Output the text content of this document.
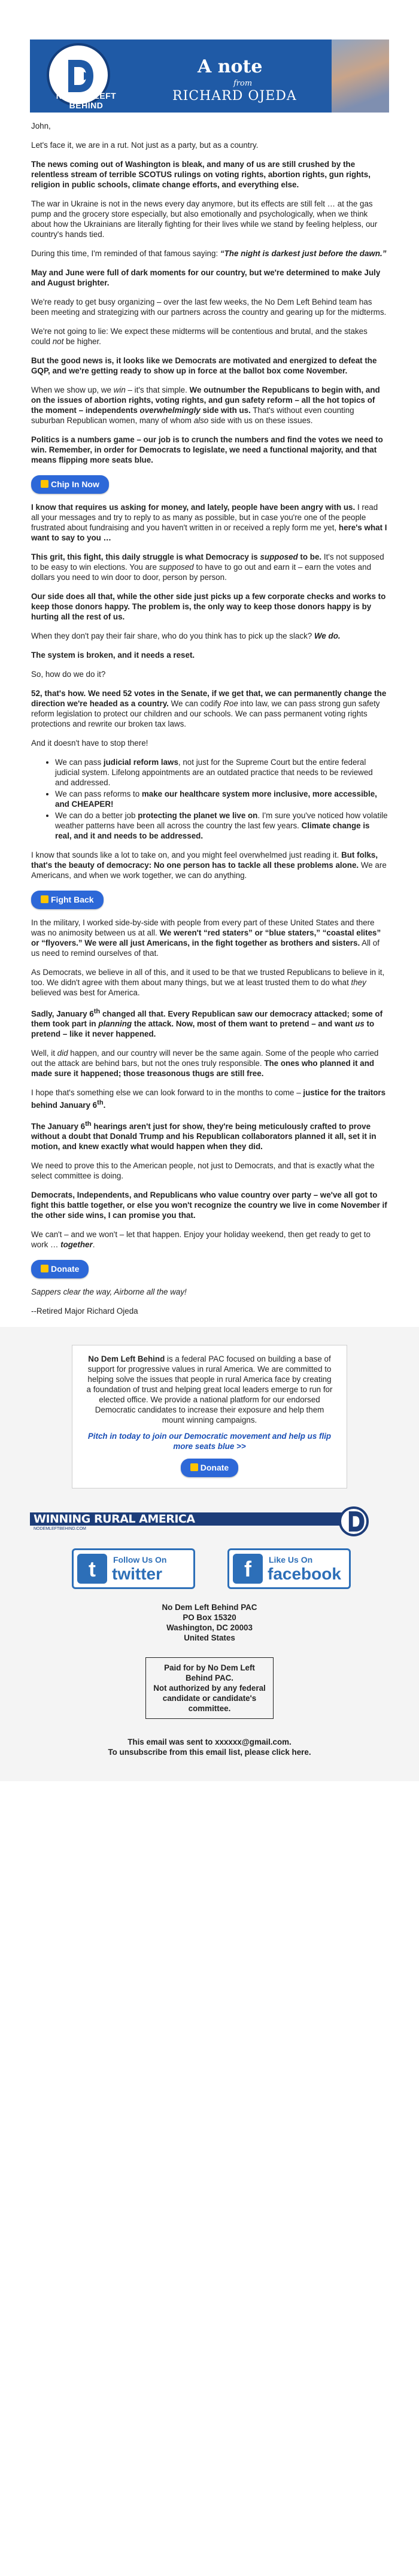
NO DEM LEFT BEHIND
A note
from
RICHARD OJEDA

John,

Let's face it, we are in a rut. Not just as a party, but as a country.

The news coming out of Washington is bleak, and many of us are still crushed by the relentless stream of terrible SCOTUS rulings on voting rights, abortion rights, gun rights, religion in public schools, climate change efforts, and everything else.

The war in Ukraine is not in the news every day anymore, but its effects are still felt … at the gas pump and the grocery store especially, but also emotionally and psychologically, when we think about how the Ukrainians are literally fighting for their lives while we stand by feeling helpless, our country's hands tied.

During this time, I'm reminded of that famous saying: “The night is darkest just before the dawn.”

May and June were full of dark moments for our country, but we're determined to make July and August brighter.

We're ready to get busy organizing – over the last few weeks, the No Dem Left Behind team has been meeting and strategizing with our partners across the country and gearing up for the midterms.

We're not going to lie: We expect these midterms will be contentious and brutal, and the stakes could not be higher.

But the good news is, it looks like we Democrats are motivated and energized to defeat the GQP, and we're getting ready to show up in force at the ballot box come November.

When we show up, we win – it's that simple. We outnumber the Republicans to begin with, and on the issues of abortion rights, voting rights, and gun safety reform – all the hot topics of the moment – independents overwhelmingly side with us. That's without even counting suburban Republican women, many of whom also side with us on these issues.

Politics is a numbers game – our job is to crunch the numbers and find the votes we need to win. Remember, in order for Democrats to legislate, we need a functional majority, and that means flipping more seats blue.

Chip In Now

I know that requires us asking for money, and lately, people have been angry with us. I read all your messages and try to reply to as many as possible, but in case you're one of the people frustrated about fundraising and you haven't written in or received a reply form me yet, here's what I want to say to you …

This grit, this fight, this daily struggle is what Democracy is supposed to be. It's not supposed to be easy to win elections. You are supposed to have to go out and earn it – earn the votes and dollars you need to win door to door, person by person.

Our side does all that, while the other side just picks up a few corporate checks and works to keep those donors happy. The problem is, the only way to keep those donors happy is by hurting all the rest of us.

When they don't pay their fair share, who do you think has to pick up the slack? We do.

The system is broken, and it needs a reset.

So, how do we do it?

52, that's how. We need 52 votes in the Senate, if we get that, we can permanently change the direction we're headed as a country. We can codify Roe into law, we can pass strong gun safety reform legislation to protect our children and our schools. We can pass permanent voting rights protections and rewrite our broken tax laws.

And it doesn't have to stop there!

• We can pass judicial reform laws, not just for the Supreme Court but the entire federal judicial system. Lifelong appointments are an outdated practice that needs to be reviewed and addressed.
• We can pass reforms to make our healthcare system more inclusive, more accessible, and CHEAPER!
• We can do a better job protecting the planet we live on. I'm sure you've noticed how volatile weather patterns have been all across the country the last few years. Climate change is real, and it and needs to be addressed.

I know that sounds like a lot to take on, and you might feel overwhelmed just reading it. But folks, that's the beauty of democracy: No one person has to tackle all these problems alone. We are Americans, and when we work together, we can do anything.

Fight Back

In the military, I worked side-by-side with people from every part of these United States and there was no animosity between us at all. We weren't “red staters” or “blue staters,” “coastal elites” or “flyovers.” We were all just Americans, in the fight together as brothers and sisters. All of us need to remind ourselves of that.

As Democrats, we believe in all of this, and it used to be that we trusted Republicans to believe in it, too. We didn't agree with them about many things, but we at least trusted them to do what they believed was best for America.

Sadly, January 6th changed all that. Every Republican saw our democracy attacked; some of them took part in planning the attack. Now, most of them want to pretend – and want us to pretend – like it never happened.

Well, it did happen, and our country will never be the same again. Some of the people who carried out the attack are behind bars, but not the ones truly responsible. The ones who planned it and made sure it happened; those treasonous thugs are still free.

I hope that's something else we can look forward to in the months to come – justice for the traitors behind January 6th.

The January 6th hearings aren't just for show, they're being meticulously crafted to prove without a doubt that Donald Trump and his Republican collaborators planned it all, set it in motion, and knew exactly what would happen when they did.

We need to prove this to the American people, not just to Democrats, and that is exactly what the select committee is doing.

Democrats, Independents, and Republicans who value country over party – we've all got to fight this battle together, or else you won't recognize the country we live in come November if the other side wins, I can promise you that.

We can't – and we won't – let that happen. Enjoy your holiday weekend, then get ready to get to work … together.

Donate

Sappers clear the way, Airborne all the way!

--Retired Major Richard Ojeda

No Dem Left Behind is a federal PAC focused on building a base of support for progressive values in rural America. We are committed to helping solve the issues that people in rural America face by creating a foundation of trust and helping great local leaders emerge to run for elected office. We provide a national platform for our endorsed Democratic candidates to increase their exposure and help them mount winning campaigns.
Pitch in today to join our Democratic movement and help us flip more seats blue >>
Donate
WINNING RURAL AMERICA
NODEMLEFTBEHIND.COM
t	Follow Us On
twitter	f	Like Us On
facebook
No Dem Left Behind PAC
PO Box 15320
Washington, DC 20003
United States
Paid for by No Dem Left Behind PAC.
Not authorized by any federal candidate or candidate's committee.
This email was sent to xxxxxx@gmail.com.
To unsubscribe from this email list, please click here.
